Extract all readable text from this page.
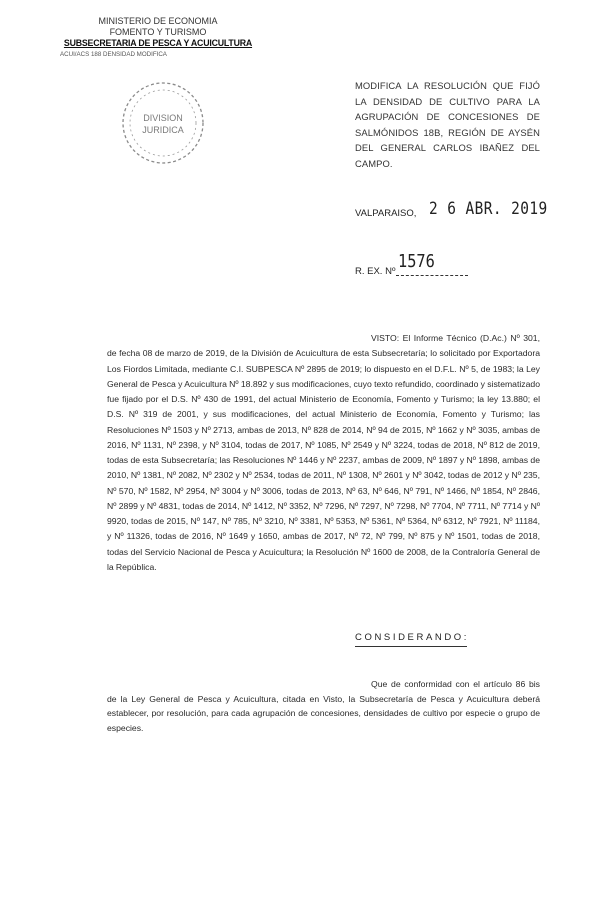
MINISTERIO DE ECONOMIA
FOMENTO Y TURISMO
SUBSECRETARIA DE PESCA Y ACUICULTURA
ACUI/ACS 188 DENSIDAD MODIFICA
DIVISION
JURIDICA
MODIFICA LA RESOLUCIÓN QUE FIJÓ LA DENSIDAD DE CULTIVO PARA LA AGRUPACIÓN DE CONCESIONES DE SALMÓNIDOS 18B, REGIÓN DE AYSÉN DEL GENERAL CARLOS IBAÑEZ DEL CAMPO.
VALPARAISO, 2 6 ABR. 2019
R. EX. Nº 1576
VISTO: El Informe Técnico (D.Ac.) Nº 301, de fecha 08 de marzo de 2019, de la División de Acuicultura de esta Subsecretaría; lo solicitado por Exportadora Los Fiordos Limitada, mediante C.I. SUBPESCA Nº 2895 de 2019; lo dispuesto en el D.F.L. Nº 5, de 1983; la Ley General de Pesca y Acuicultura Nº 18.892 y sus modificaciones, cuyo texto refundido, coordinado y sistematizado fue fijado por el D.S. Nº 430 de 1991, del actual Ministerio de Economía, Fomento y Turismo; la ley 13.880; el D.S. Nº 319 de 2001, y sus modificaciones, del actual Ministerio de Economía, Fomento y Turismo; las Resoluciones Nº 1503 y Nº 2713, ambas de 2013, Nº 828 de 2014, Nº 94 de 2015, Nº 1662 y Nº 3035, ambas de 2016, Nº 1131, Nº 2398, y Nº 3104, todas de 2017, Nº 1085, Nº 2549 y Nº 3224, todas de 2018, Nº 812 de 2019, todas de esta Subsecretaría; las Resoluciones Nº 1446 y Nº 2237, ambas de 2009, Nº 1897 y Nº 1898, ambas de 2010, Nº 1381, Nº 2082, Nº 2302 y Nº 2534, todas de 2011, Nº 1308, Nº 2601 y Nº 3042, todas de 2012 y Nº 235, Nº 570, Nº 1582, Nº 2954, Nº 3004 y Nº 3006, todas de 2013, Nº 63, Nº 646, Nº 791, Nº 1466, Nº 1854, Nº 2846, Nº 2899 y Nº 4831, todas de 2014, Nº 1412, Nº 3352, Nº 7296, Nº 7297, Nº 7298, Nº 7704, Nº 7711, Nº 7714 y Nº 9920, todas de 2015, Nº 147, Nº 785, Nº 3210, Nº 3381, Nº 5353, Nº 5361, Nº 5364, Nº 6312, Nº 7921, Nº 11184, y Nº 11326, todas de 2016, Nº 1649 y 1650, ambas de 2017, Nº 72, Nº 799, Nº 875 y Nº 1501, todas de 2018, todas del Servicio Nacional de Pesca y Acuicultura; la Resolución Nº 1600 de 2008, de la Contraloría General de la República.
CONSIDERANDO:
Que de conformidad con el artículo 86 bis de la Ley General de Pesca y Acuicultura, citada en Visto, la Subsecretaría de Pesca y Acuicultura deberá establecer, por resolución, para cada agrupación de concesiones, densidades de cultivo por especie o grupo de especies.
